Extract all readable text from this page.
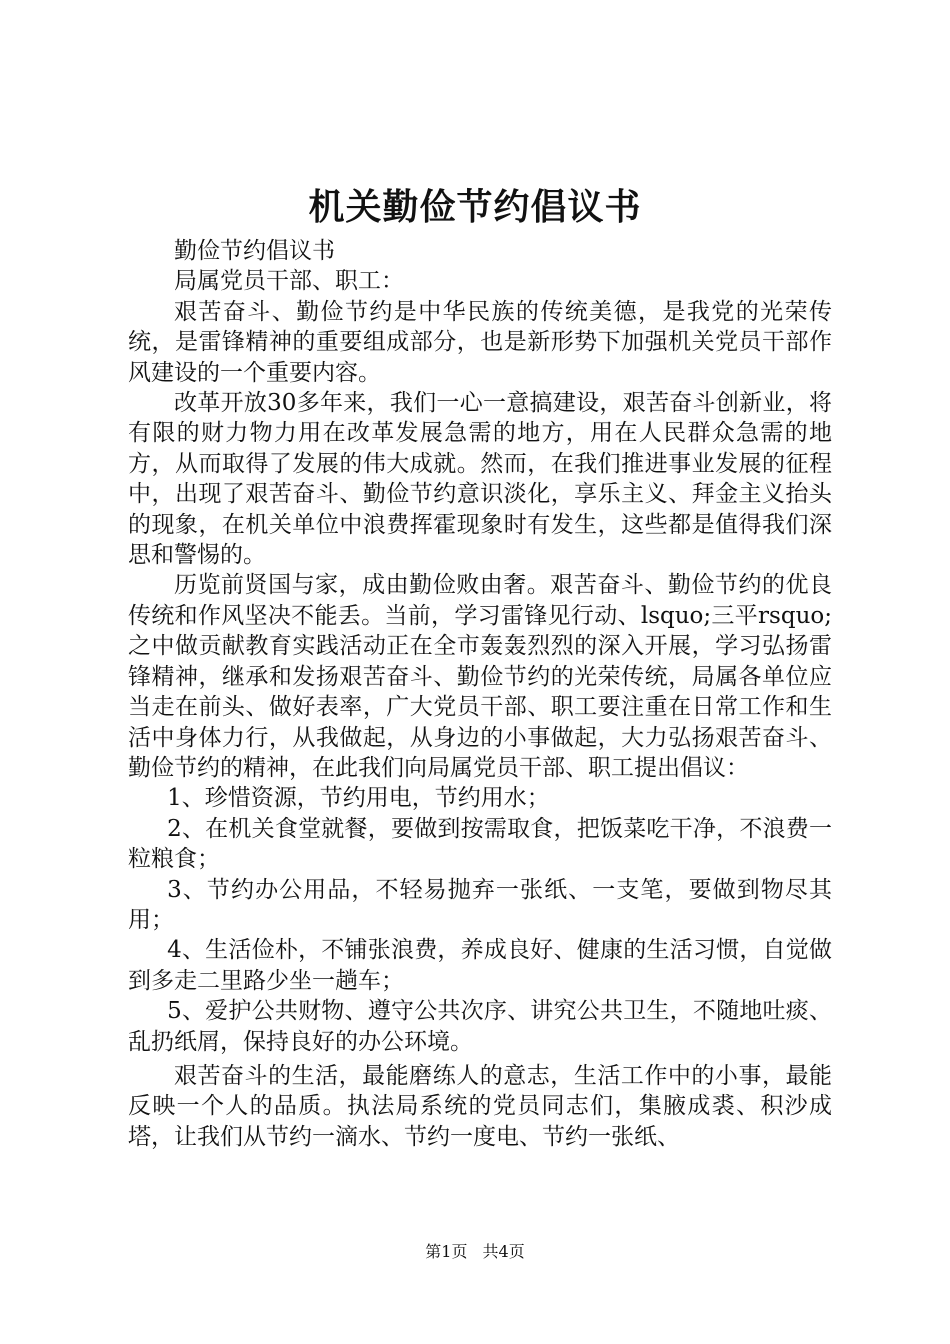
机关勤俭节约倡议书

勤俭节约倡议书

局属党员干部、职工：

艰苦奋斗、勤俭节约是中华民族的传统美德，是我党的光荣传统，是雷锋精神的重要组成部分，也是新形势下加强机关党员干部作风建设的一个重要内容。

改革开放30多年来，我们一心一意搞建设，艰苦奋斗创新业，将有限的财力物力用在改革发展急需的地方，用在人民群众急需的地方，从而取得了发展的伟大成就。然而，在我们推进事业发展的征程中，出现了艰苦奋斗、勤俭节约意识淡化，享乐主义、拜金主义抬头的现象，在机关单位中浪费挥霍现象时有发生，这些都是值得我们深思和警惕的。

历览前贤国与家，成由勤俭败由奢。艰苦奋斗、勤俭节约的优良传统和作风坚决不能丢。当前，学习雷锋见行动、lsquo;三平rsquo;之中做贡献教育实践活动正在全市轰轰烈烈的深入开展，学习弘扬雷锋精神，继承和发扬艰苦奋斗、勤俭节约的光荣传统，局属各单位应当走在前头、做好表率，广大党员干部、职工要注重在日常工作和生活中身体力行，从我做起，从身边的小事做起，大力弘扬艰苦奋斗、勤俭节约的精神，在此我们向局属党员干部、职工提出倡议：

1、珍惜资源，节约用电，节约用水；

2、在机关食堂就餐，要做到按需取食，把饭菜吃干净，不浪费一粒粮食；

3、节约办公用品，不轻易抛弃一张纸、一支笔，要做到物尽其用；

4、生活俭朴，不铺张浪费，养成良好、健康的生活习惯，自觉做到多走二里路少坐一趟车；

5、爱护公共财物、遵守公共次序、讲究公共卫生，不随地吐痰、乱扔纸屑，保持良好的办公环境。

艰苦奋斗的生活，最能磨练人的意志，生活工作中的小事，最能反映一个人的品质。执法局系统的党员同志们，集腋成裘、积沙成塔，让我们从节约一滴水、节约一度电、节约一张纸、

第1页 共4页
